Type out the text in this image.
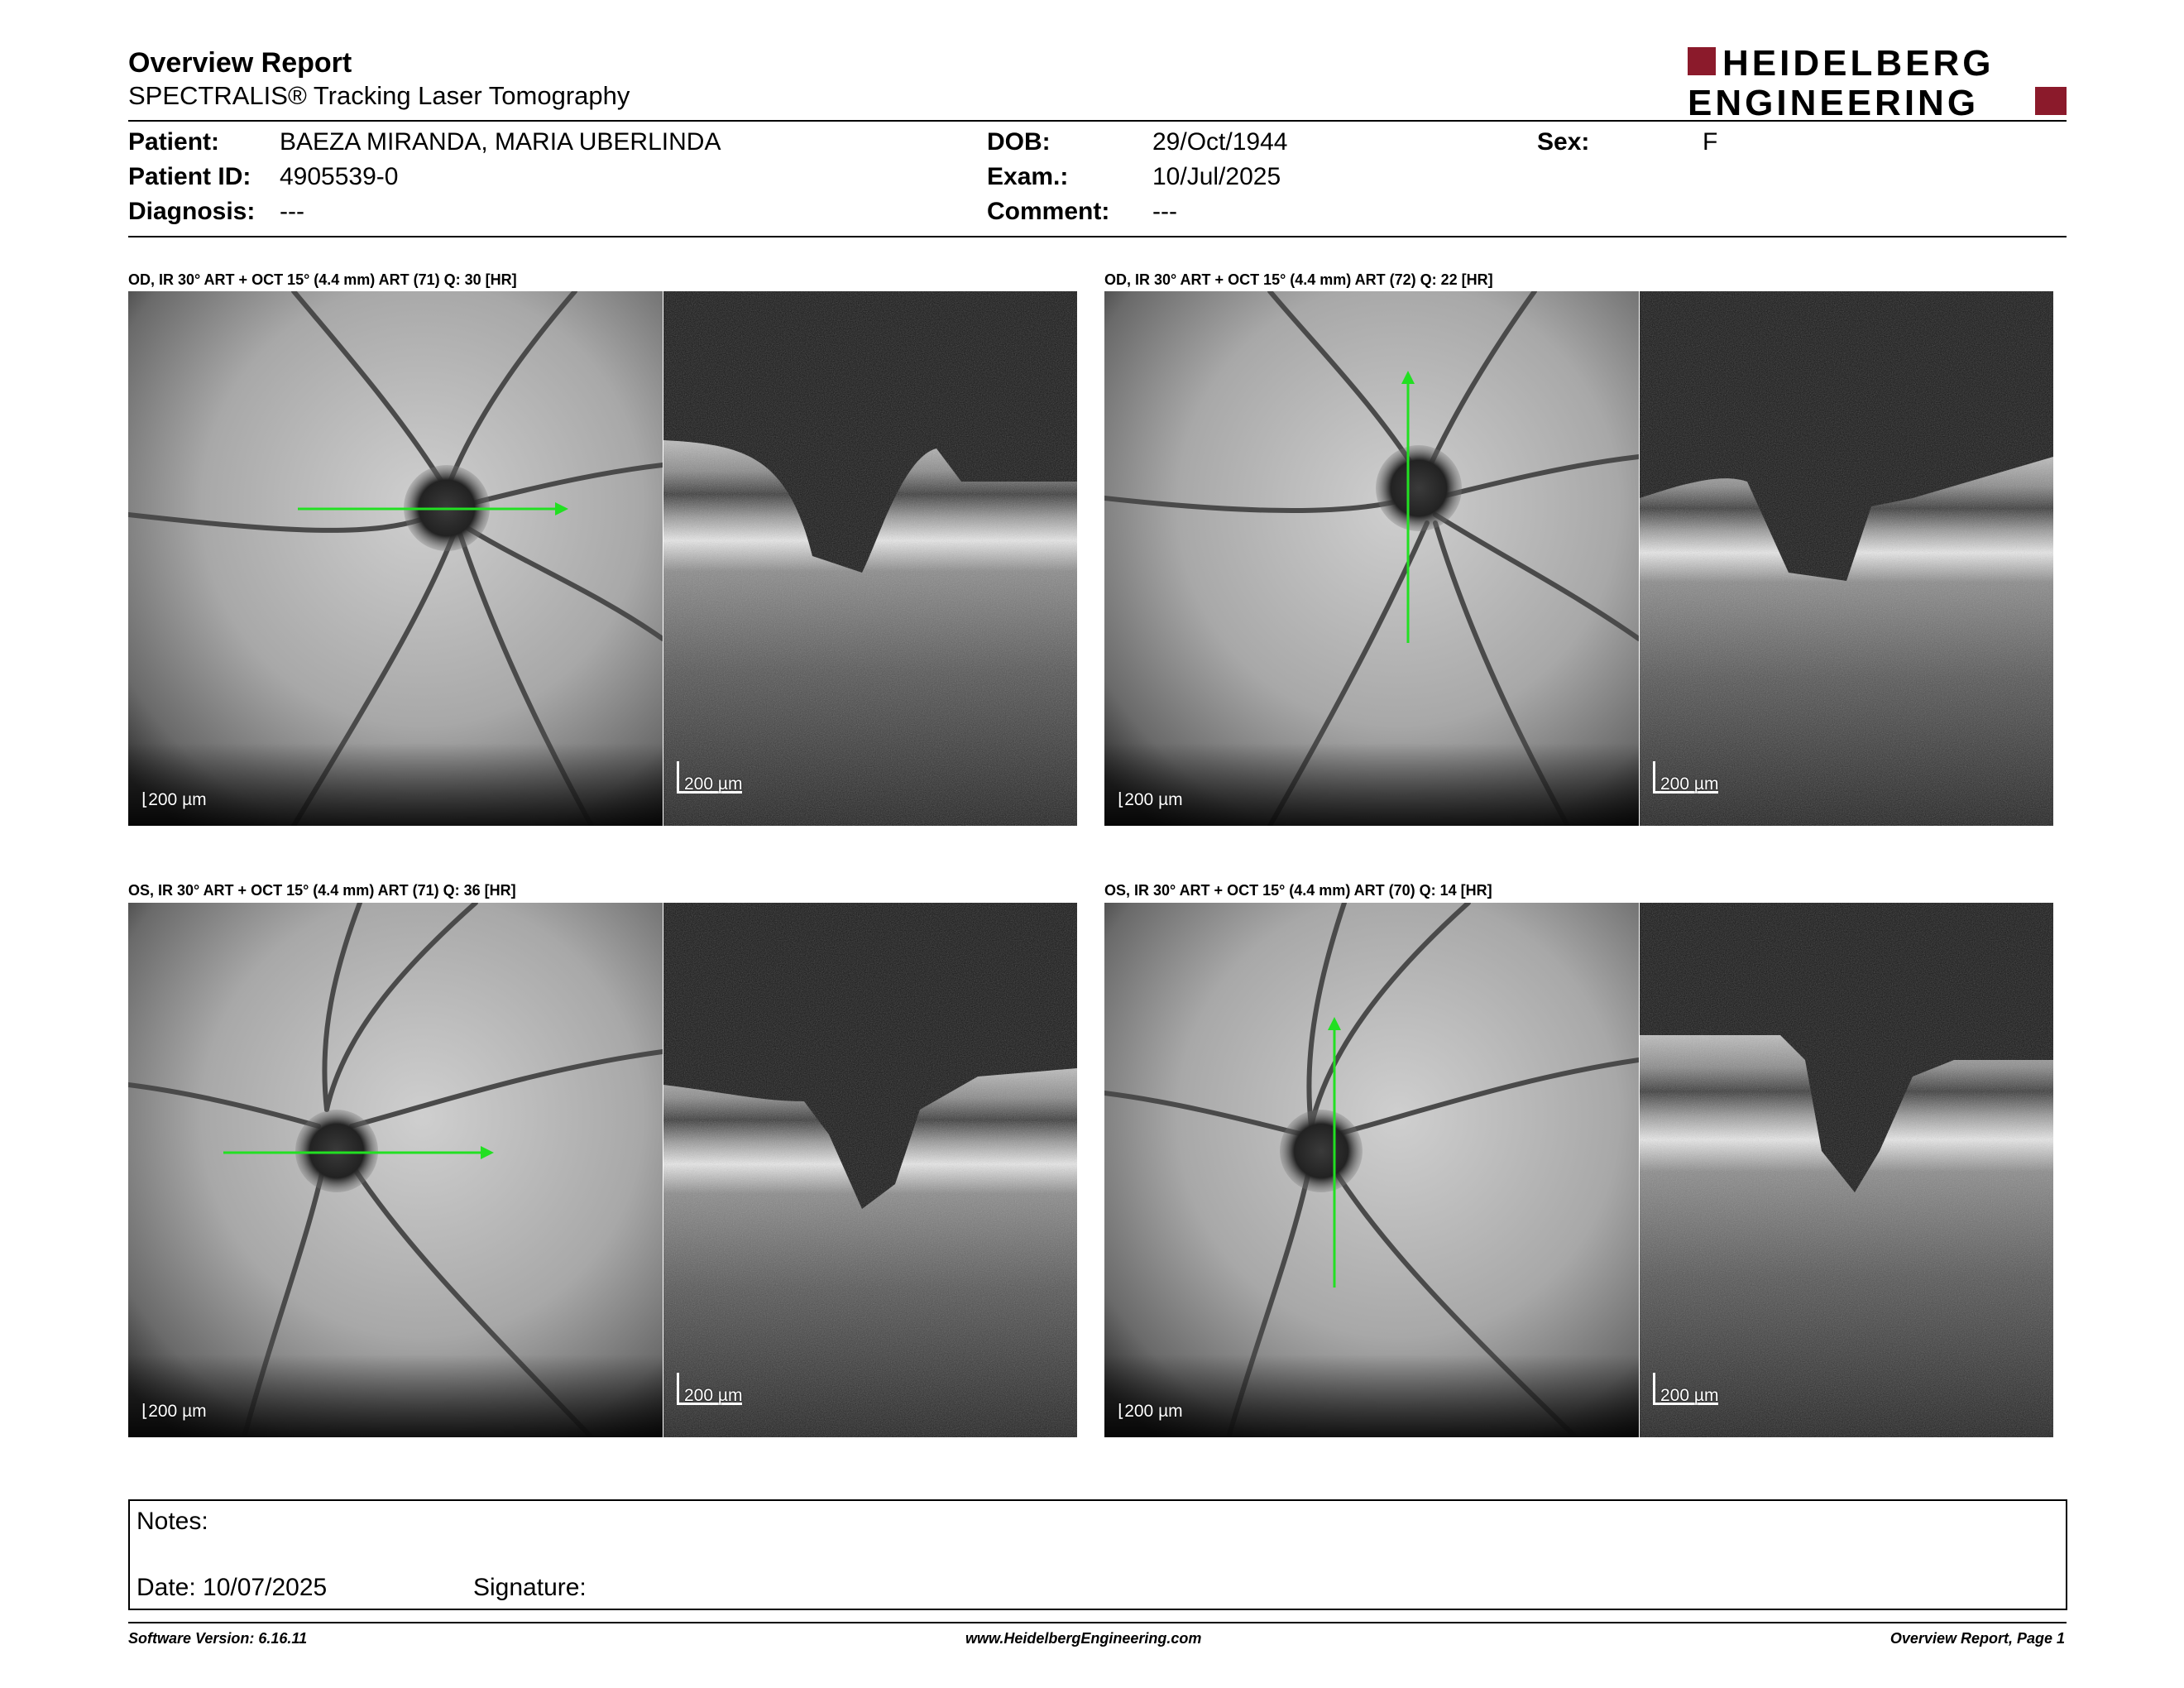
Overview Report
SPECTRALIS® Tracking Laser Tomography
HEIDELBERG
ENGINEERING
Patient: BAEZA MIRANDA, MARIA UBERLINDA
Patient ID: 4905539-0
Diagnosis: ---
DOB:	29/Oct/1944
Exam.:	10/Jul/2025
Comment: ---
Sex:	F
OD, IR 30° ART + OCT 15° (4.4 mm) ART (71) Q: 30 [HR]
⌊200 µm
200 µm
OD, IR 30° ART + OCT 15° (4.4 mm) ART (72) Q: 22 [HR]
⌊200 µm
200 µm
OS, IR 30° ART + OCT 15° (4.4 mm) ART (71) Q: 36 [HR]
⌊200 µm
200 µm
OS, IR 30° ART + OCT 15° (4.4 mm) ART (70) Q: 14 [HR]
⌊200 µm
200 µm
Notes:
Date: 10/07/2025	Signature:
Software Version: 6.16.11	www.HeidelbergEngineering.com	Overview Report, Page 1
